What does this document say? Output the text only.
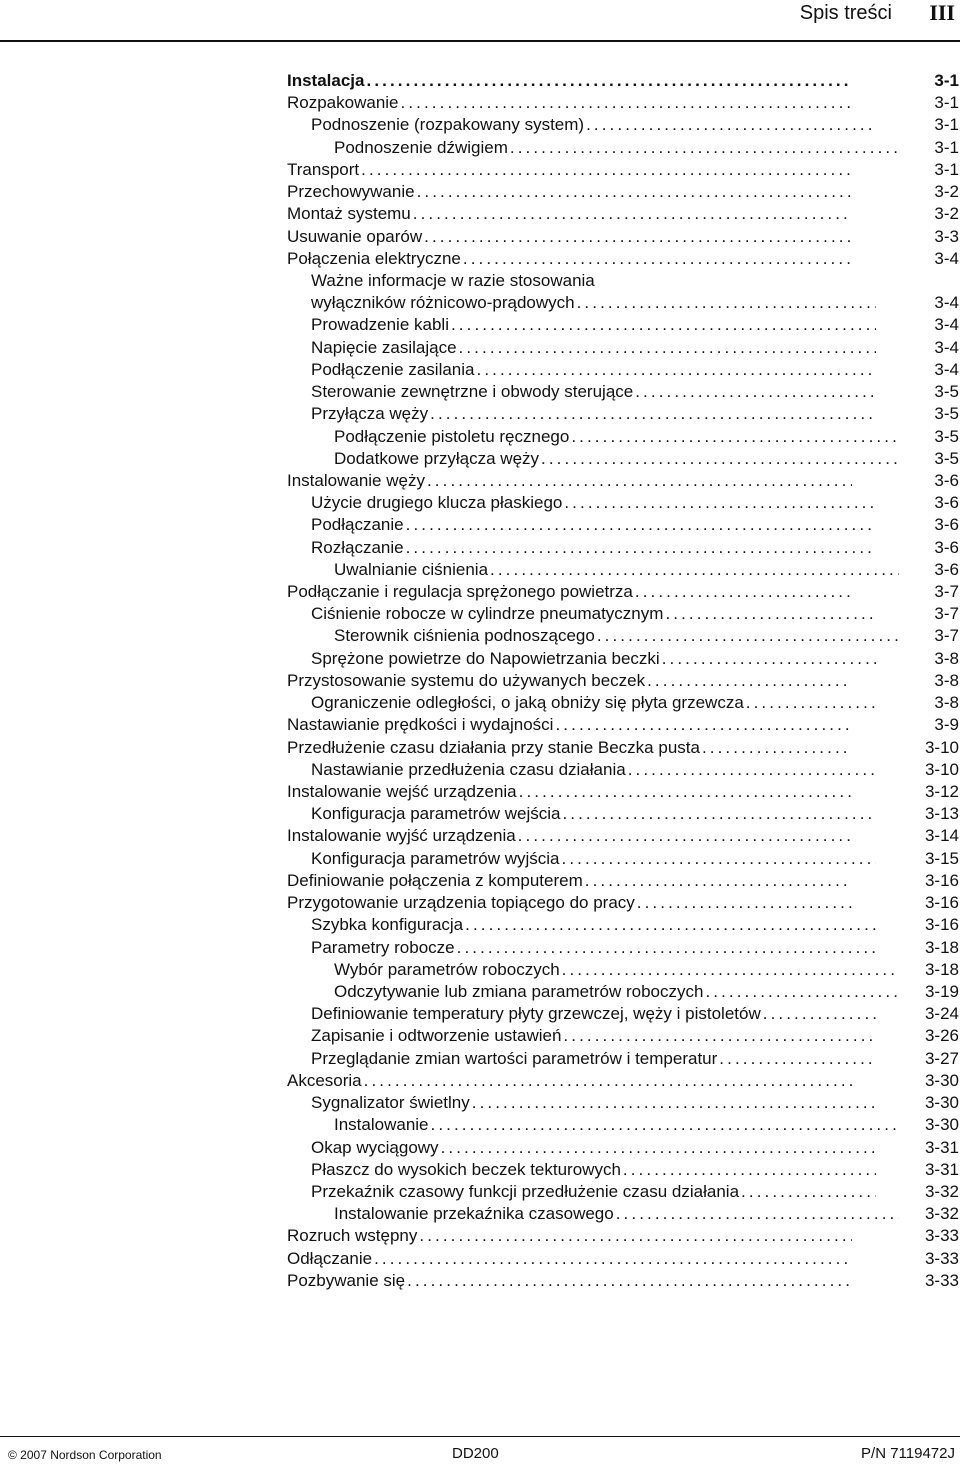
Spis treści III
Instalacja .....	3-1
Rozpakowanie .....	3-1
Podnoszenie (rozpakowany system) .....	3-1
Podnoszenie dźwigiem .....	3-1
Transport .....	3-1
Przechowywanie .....	3-2
Montaż systemu .....	3-2
Usuwanie oparów .....	3-3
Połączenia elektryczne .....	3-4
Ważne informacje w razie stosowania
wyłączników różnicowo-prądowych .....	3-4
Prowadzenie kabli .....	3-4
Napięcie zasilające .....	3-4
Podłączenie zasilania .....	3-4
Sterowanie zewnętrzne i obwody sterujące .....	3-5
Przyłącza węży .....	3-5
Podłączenie pistoletu ręcznego .....	3-5
Dodatkowe przyłącza węży .....	3-5
Instalowanie węży .....	3-6
Użycie drugiego klucza płaskiego .....	3-6
Podłączanie .....	3-6
Rozłączanie .....	3-6
Uwalnianie ciśnienia .....	3-6
Podłączanie i regulacja sprężonego powietrza .....	3-7
Ciśnienie robocze w cylindrze pneumatycznym .....	3-7
Sterownik ciśnienia podnoszącego .....	3-7
Sprężone powietrze do Napowietrzania beczki .....	3-8
Przystosowanie systemu do używanych beczek .....	3-8
Ograniczenie odległości, o jaką obniży się płyta grzewcza .....	3-8
Nastawianie prędkości i wydajności .....	3-9
Przedłużenie czasu działania przy stanie Beczka pusta .....	3-10
Nastawianie przedłużenia czasu działania .....	3-10
Instalowanie wejść urządzenia .....	3-12
Konfiguracja parametrów wejścia .....	3-13
Instalowanie wyjść urządzenia .....	3-14
Konfiguracja parametrów wyjścia .....	3-15
Definiowanie połączenia z komputerem .....	3-16
Przygotowanie urządzenia topiącego do pracy .....	3-16
Szybka konfiguracja .....	3-16
Parametry robocze .....	3-18
Wybór parametrów roboczych .....	3-18
Odczytywanie lub zmiana parametrów roboczych .....	3-19
Definiowanie temperatury płyty grzewczej, węży i pistoletów .....	3-24
Zapisanie i odtworzenie ustawień .....	3-26
Przeglądanie zmian wartości parametrów i temperatur .....	3-27
Akcesoria .....	3-30
Sygnalizator świetlny .....	3-30
Instalowanie .....	3-30
Okap wyciągowy .....	3-31
Płaszcz do wysokich beczek tekturowych .....	3-31
Przekaźnik czasowy funkcji przedłużenie czasu działania .....	3-32
Instalowanie przekaźnika czasowego .....	3-32
Rozruch wstępny .....	3-33
Odłączanie .....	3-33
Pozbywanie się .....	3-33
© 2007 Nordson Corporation	DD200	P/N 7119472J
